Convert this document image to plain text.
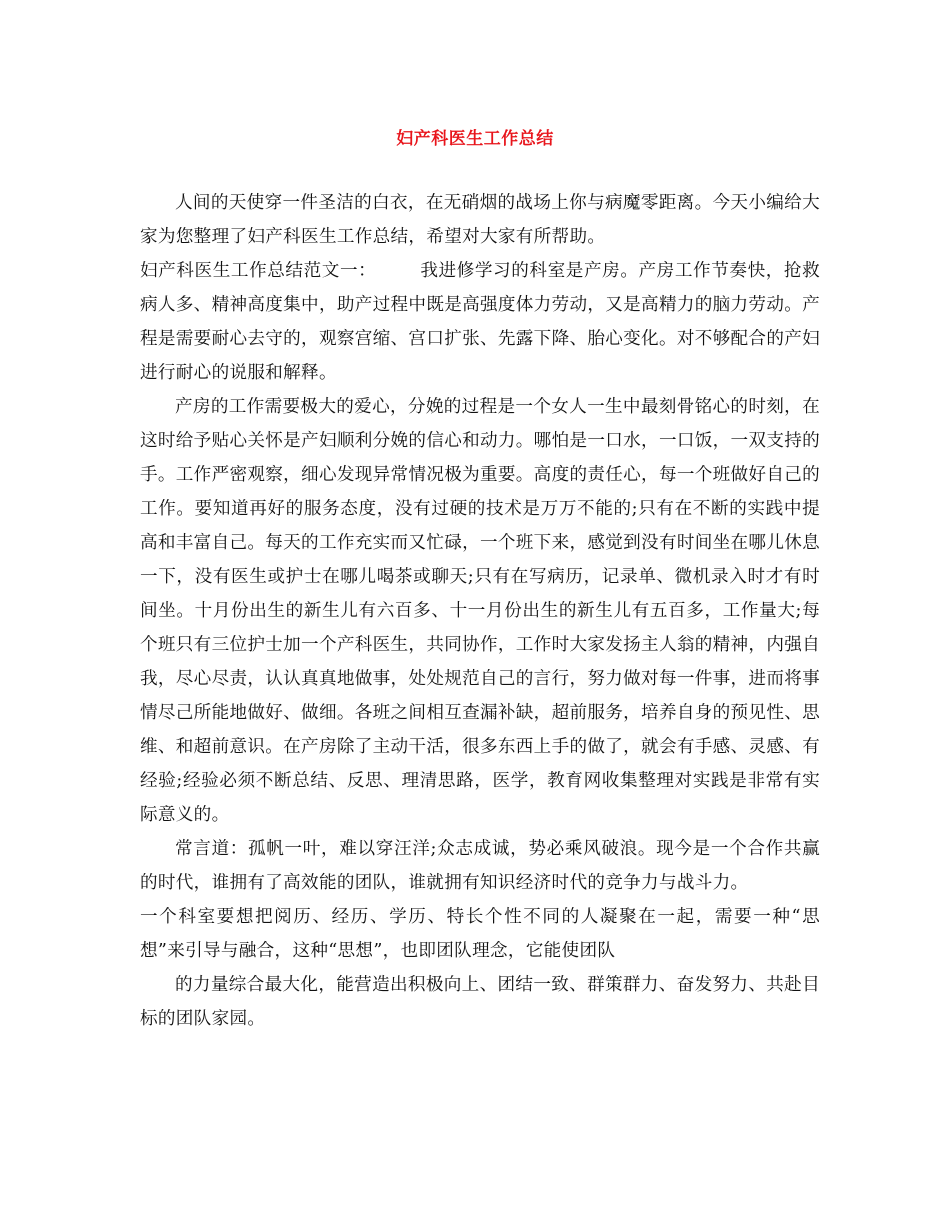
妇产科医生工作总结

人间的天使穿一件圣洁的白衣，在无硝烟的战场上你与病魔零距离。今天小编给大家为您整理了妇产科医生工作总结，希望对大家有所帮助。

妇产科医生工作总结范文一：	我进修学习的科室是产房。产房工作节奏快，抢救病人多、精神高度集中，助产过程中既是高强度体力劳动，又是高精力的脑力劳动。产程是需要耐心去守的，观察宫缩、宫口扩张、先露下降、胎心变化。对不够配合的产妇进行耐心的说服和解释。

产房的工作需要极大的爱心，分娩的过程是一个女人一生中最刻骨铭心的时刻，在这时给予贴心关怀是产妇顺利分娩的信心和动力。哪怕是一口水，一口饭，一双支持的手。工作严密观察，细心发现异常情况极为重要。高度的责任心，每一个班做好自己的工作。要知道再好的服务态度，没有过硬的技术是万万不能的;只有在不断的实践中提高和丰富自己。每天的工作充实而又忙碌，一个班下来，感觉到没有时间坐在哪儿休息一下，没有医生或护士在哪儿喝茶或聊天;只有在写病历，记录单、微机录入时才有时间坐。十月份出生的新生儿有六百多、十一月份出生的新生儿有五百多，工作量大;每个班只有三位护士加一个产科医生，共同协作，工作时大家发扬主人翁的精神，内强自我，尽心尽责，认认真真地做事，处处规范自己的言行，努力做对每一件事，进而将事情尽己所能地做好、做细。各班之间相互查漏补缺，超前服务，培养自身的预见性、思维、和超前意识。在产房除了主动干活，很多东西上手的做了，就会有手感、灵感、有经验;经验必须不断总结、反思、理清思路，医学，教育网收集整理对实践是非常有实际意义的。

常言道：孤帆一叶，难以穿汪洋;众志成诚，势必乘风破浪。现今是一个合作共赢的时代，谁拥有了高效能的团队，谁就拥有知识经济时代的竞争力与战斗力。

一个科室要想把阅历、经历、学历、特长个性不同的人凝聚在一起，需要一种“思想”来引导与融合，这种“思想”，也即团队理念，它能使团队

的力量综合最大化，能营造出积极向上、团结一致、群策群力、奋发努力、共赴目标的团队家园。
